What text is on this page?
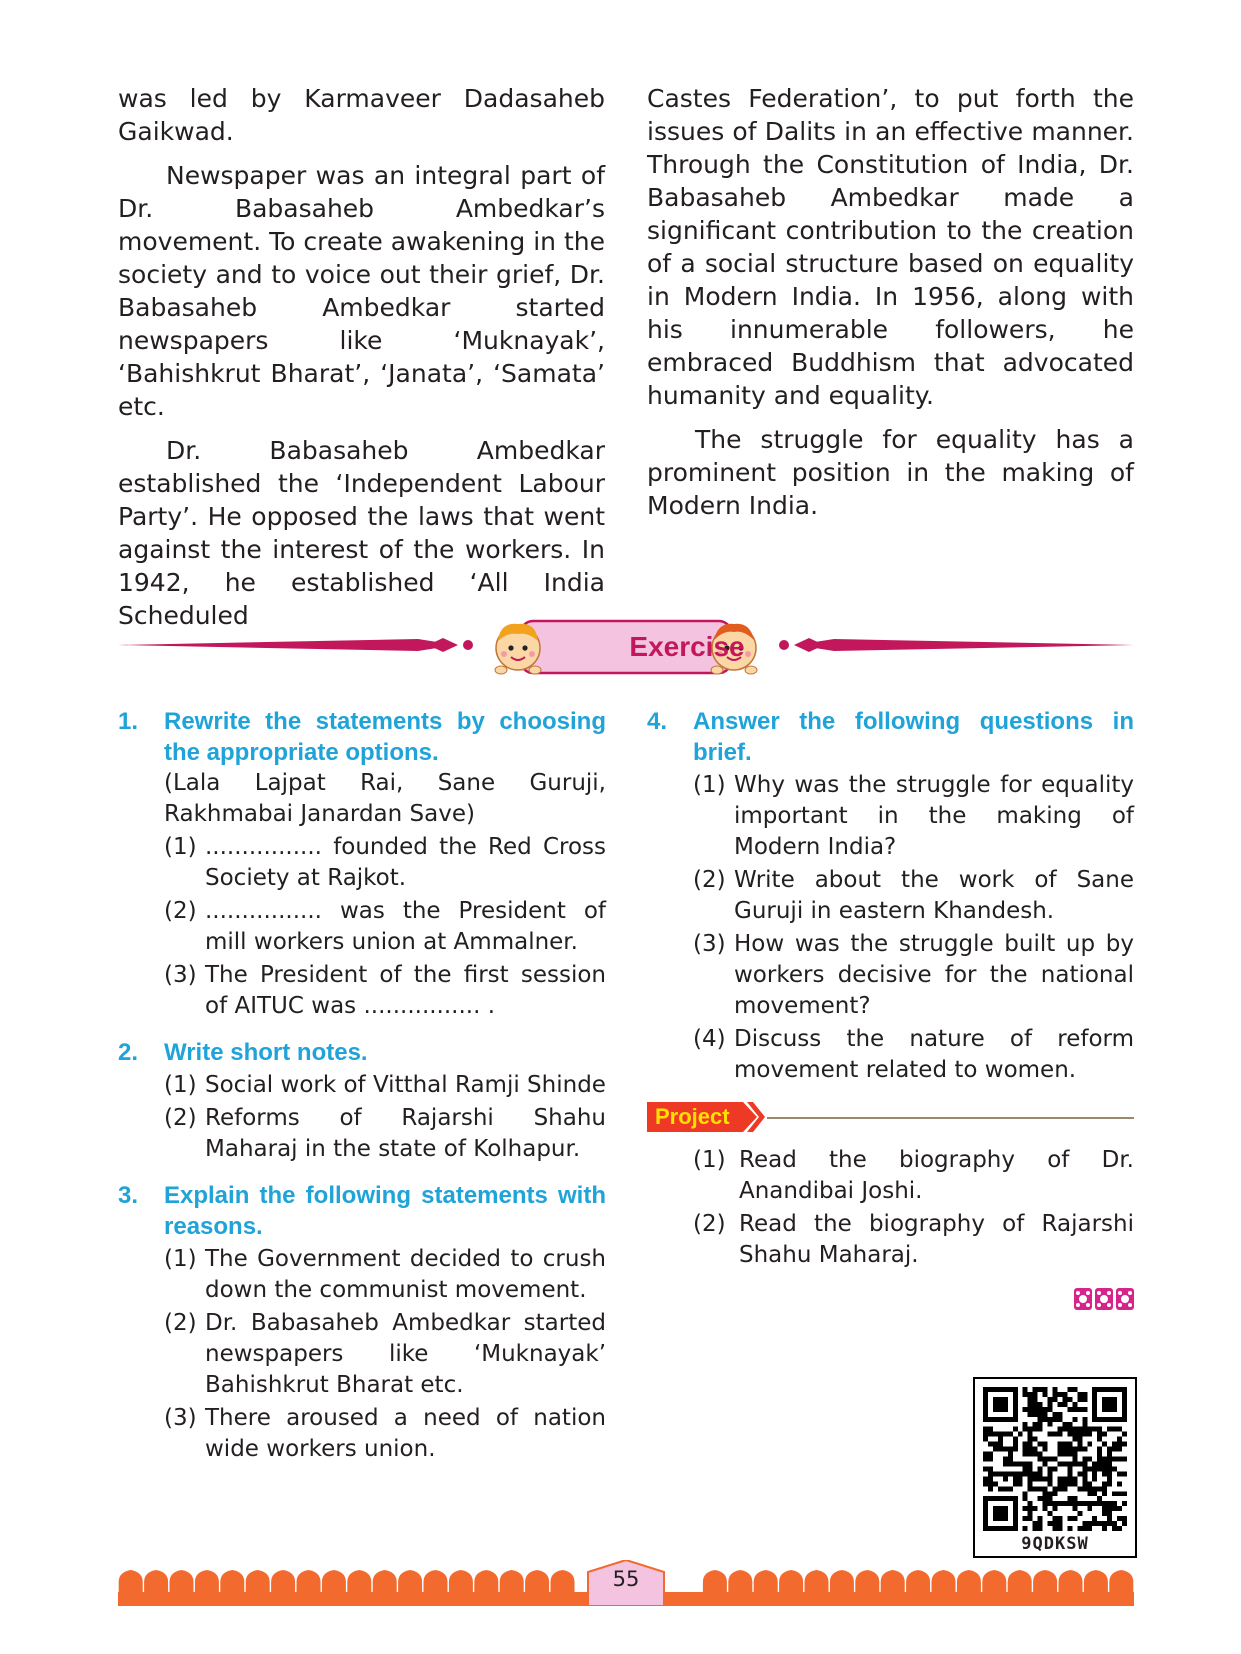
was led by Karmaveer Dadasaheb Gaikwad.

Newspaper was an integral part of Dr. Babasaheb Ambedkar’s movement. To create awakening in the society and to voice out their grief, Dr. Babasaheb Ambedkar started newspapers like ‘Muknayak’, ‘Bahishkrut Bharat’, ‘Janata’, ‘Samata’ etc.

Dr. Babasaheb Ambedkar established the ‘Independent Labour Party’. He opposed the laws that went against the interest of the workers. In 1942, he established ‘All India Scheduled

Castes Federation’, to put forth the issues of Dalits in an effective manner. Through the Constitution of India, Dr. Babasaheb Ambedkar made a significant contribution to the creation of a social structure based on equality in Modern India. In 1956, along with his innumerable followers, he embraced Buddhism that advocated humanity and equality.

The struggle for equality has a prominent position in the making of Modern India.

Exercise
1.	Rewrite the statements by choosing the appropriate options.
(Lala Lajpat Rai, Sane Guruji, Rakhmabai Janardan Save)
(1) ................ founded the Red Cross Society at Rajkot.
(2) ................ was the President of mill workers union at Ammalner.
(3) The President of the first session of AITUC was ................ .
2.	Write short notes.
(1) Social work of Vitthal Ramji Shinde
(2) Reforms of Rajarshi Shahu Maharaj in the state of Kolhapur.
3.	Explain the following statements with reasons.
(1) The Government decided to crush down the communist movement.
(2) Dr. Babasaheb Ambedkar started newspapers like ‘Muknayak’ Bahishkrut Bharat etc.
(3) There aroused a need of nation wide workers union.
4.	Answer the following questions in brief.
(1) Why was the struggle for equality important in the making of Modern India?
(2) Write about the work of Sane Guruji in eastern Khandesh.
(3) How was the struggle built up by workers decisive for the national movement?
(4) Discuss the nature of reform movement related to women.
Project
(1) Read the biography of Dr. Anandibai Joshi.
(2) Read the biography of Rajarshi Shahu Maharaj.
9QDKSW
55
